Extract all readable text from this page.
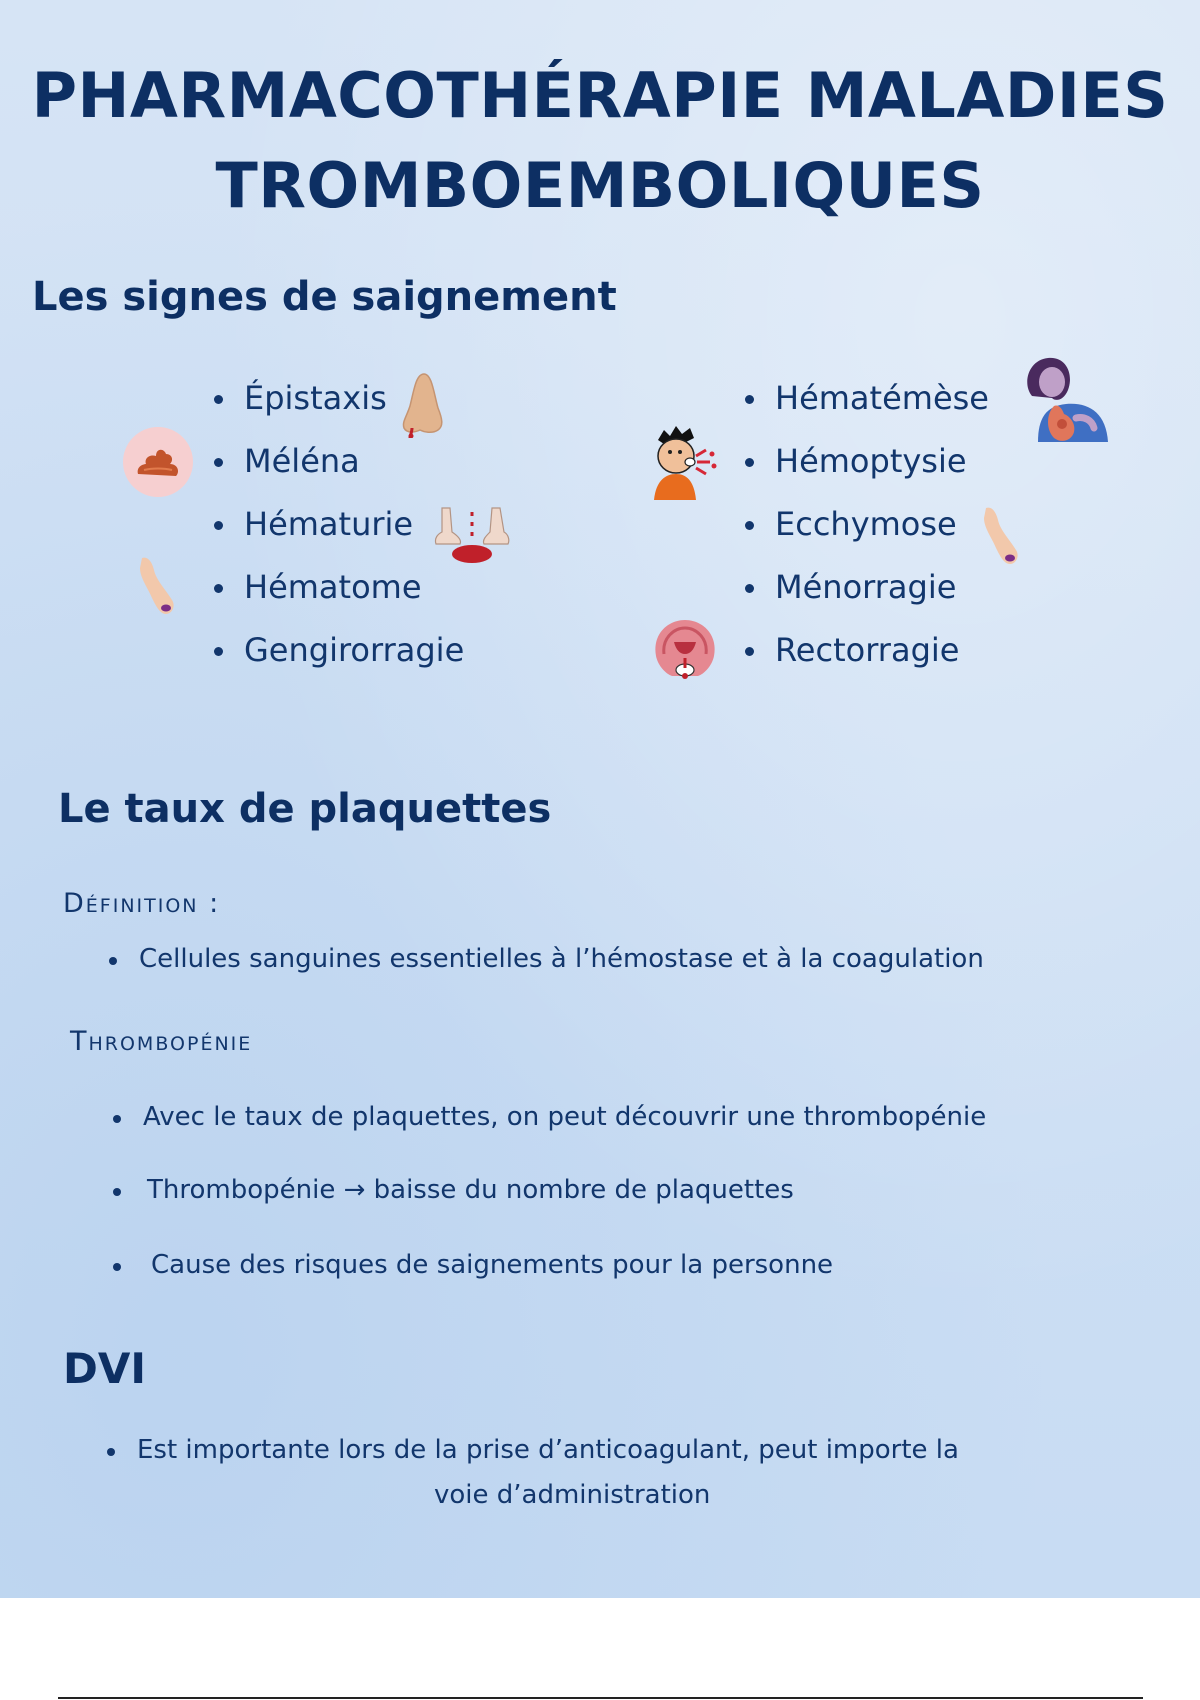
PHARMACOTHÉRAPIE MALADIES
TROMBOEMBOLIQUES
Les signes de saignement
Épistaxis
Méléna
Hématurie
Hématome
Gengirorragie
Hématémèse
Hémoptysie
Ecchymose
Ménorragie
Rectorragie
Le taux de plaquettes
Définition :
Cellules sanguines essentielles à l’hémostase et à la coagulation
Thrombopénie
Avec le taux de plaquettes, on peut découvrir une thrombopénie
Thrombopénie → baisse du nombre de plaquettes
Cause des risques de saignements pour la personne
DVI
Est importante lors de la prise d’anticoagulant, peut importe la
voie d’administration
